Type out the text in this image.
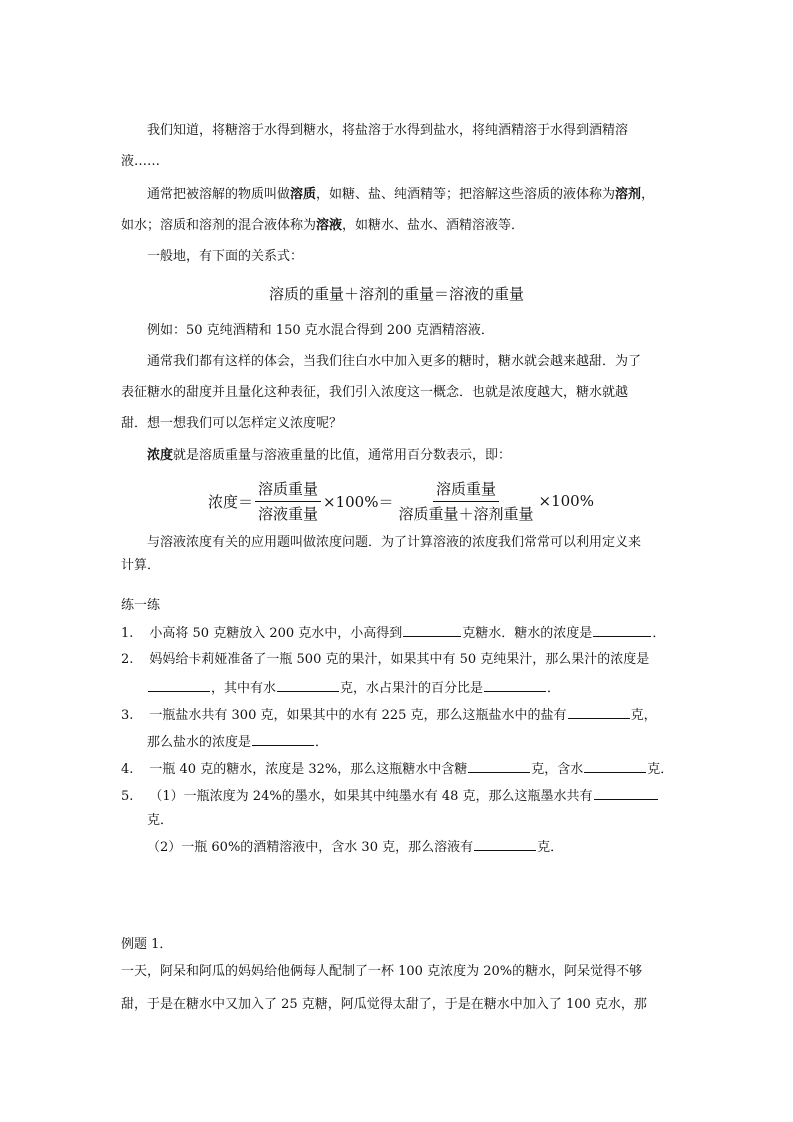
我们知道，将糖溶于水得到糖水，将盐溶于水得到盐水，将纯酒精溶于水得到酒精溶
液……
通常把被溶解的物质叫做溶质，如糖、盐、纯酒精等；把溶解这些溶质的液体称为溶剂，
如水；溶质和溶剂的混合液体称为溶液，如糖水、盐水、酒精溶液等．
一般地，有下面的关系式：
溶质的重量＋溶剂的重量＝溶液的重量
例如：50 克纯酒精和 150 克水混合得到 200 克酒精溶液．
通常我们都有这样的体会，当我们往白水中加入更多的糖时，糖水就会越来越甜．为了
表征糖水的甜度并且量化这种表征，我们引入浓度这一概念．也就是浓度越大，糖水就越
甜．想一想我们可以怎样定义浓度呢？
浓度就是溶质重量与溶液重量的比值，通常用百分数表示，即：
浓度＝ $\frac{\text{溶质重量}}{\text{溶液重量}} \times 100\%= \frac{\text{溶质重量}}{\text{溶质重量＋溶剂重量}} \times 100\%$
与溶液浓度有关的应用题叫做浓度问题．为了计算溶液的浓度我们常常可以利用定义来
计算．
练一练
1. 小高将 50 克糖放入 200 克水中，小高得到	克糖水．糖水的浓度是	．
2. 妈妈给卡莉娅准备了一瓶 500 克的果汁，如果其中有 50 克纯果汁，那么果汁的浓度是
，其中有水	克，水占果汁的百分比是	．
3. 一瓶盐水共有 300 克，如果其中的水有 225 克，那么这瓶盐水中的盐有	克，
那么盐水的浓度是	．
4. 一瓶 40 克的糖水，浓度是 32%，那么这瓶糖水中含糖	克，含水	克．
5. （1）一瓶浓度为 24%的墨水，如果其中纯墨水有 48 克，那么这瓶墨水共有
克．
（2）一瓶 60%的酒精溶液中，含水 30 克，那么溶液有	克．
例题 1．
一天，阿呆和阿瓜的妈妈给他俩每人配制了一杯 100 克浓度为 20%的糖水，阿呆觉得不够
甜，于是在糖水中又加入了 25 克糖，阿瓜觉得太甜了，于是在糖水中加入了 100 克水，那
